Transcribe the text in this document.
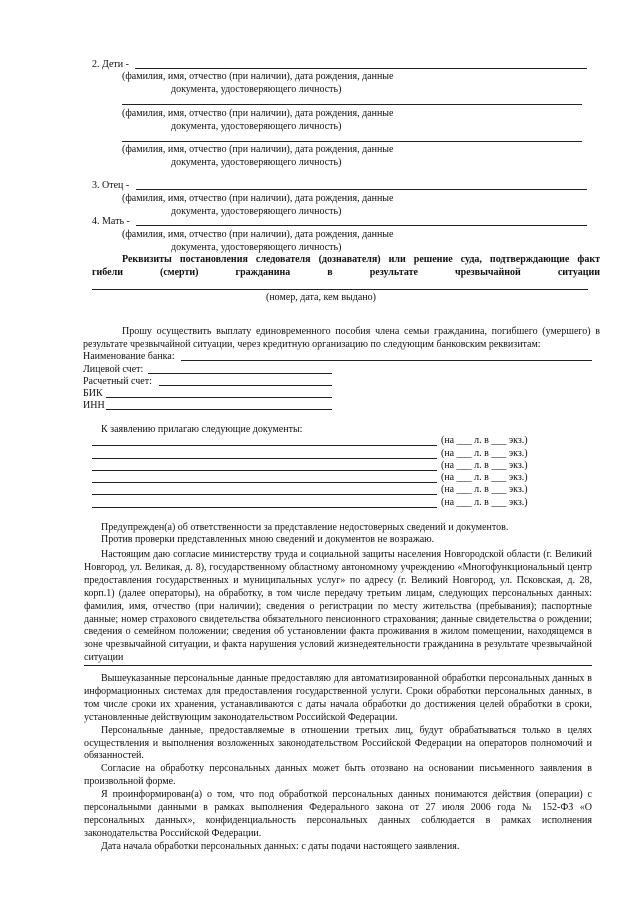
2. Дети -
(фамилия, имя, отчество (при наличии), дата рождения, данные
документа, удостоверяющего личность)
(фамилия, имя, отчество (при наличии), дата рождения, данные
документа, удостоверяющего личность)
(фамилия, имя, отчество (при наличии), дата рождения, данные
документа, удостоверяющего личность)
3. Отец -
(фамилия, имя, отчество (при наличии), дата рождения, данные
документа, удостоверяющего личность)
4. Мать -
(фамилия, имя, отчество (при наличии), дата рождения, данные
документа, удостоверяющего личность)
Реквизиты постановления следователя (дознавателя) или решение суда, подтверждающие факт
гибели (смерти) гражданина в результате чрезвычайной ситуации
(номер, дата, кем выдано)
Прошу осуществить выплату единовременного пособия члена семьи гражданина, погибшего (умершего) в
результате чрезвычайной ситуации, через кредитную организацию по следующим банковским реквизитам:
Наименование банка:
Лицевой счет:
Расчетный счет:
БИК
ИНН
К заявлению прилагаю следующие документы:
(на ___ л. в ___ экз.)
(на ___ л. в ___ экз.)
(на ___ л. в ___ экз.)
(на ___ л. в ___ экз.)
(на ___ л. в ___ экз.)
(на ___ л. в ___ экз.)
Предупрежден(а) об ответственности за представление недостоверных сведений и документов.
Против проверки представленных мною сведений и документов не возражаю.

Настоящим даю согласие министерству труда и социальной защиты населения Новгородской области (г. Великий Новгород, ул. Великая, д. 8), государственному областному автономному учреждению «Многофункциональный центр предоставления государственных и муниципальных услуг» по адресу (г. Великий Новгород, ул. Псковская, д. 28, корп.1) (далее операторы), на обработку, в том числе передачу третьим лицам, следующих персональных данных: фамилия, имя, отчество (при наличии); сведения о регистрации по месту жительства (пребывания); паспортные данные; номер страхового свидетельства обязательного пенсионного страхования; данные свидетельства о рождении; сведения о семейном положении; сведения об установлении факта проживания в жилом помещении, находящемся в зоне чрезвычайной ситуации, и факта нарушения условий жизнедеятельности гражданина в результате чрезвычайной ситуации

Вышеуказанные персональные данные предоставляю для автоматизированной обработки персональных данных в информационных системах для предоставления государственной услуги. Сроки обработки персональных данных, в том числе сроки их хранения, устанавливаются с даты начала обработки до достижения целей обработки в сроки, установленные действующим законодательством Российской Федерации.

Персональные данные, предоставляемые в отношении третьих лиц, будут обрабатываться только в целях осуществления и выполнения возложенных законодательством Российской Федерации на операторов полномочий и обязанностей.

Согласие на обработку персональных данных может быть отозвано на основании письменного заявления в произвольной форме.

Я проинформирован(а) о том, что под обработкой персональных данных понимаются действия (операции) с персональными данными в рамках выполнения Федерального закона от 27 июля 2006 года № 152-ФЗ «О персональных данных», конфиденциальность персональных данных соблюдается в рамках исполнения законодательства Российской Федерации.

Дата начала обработки персональных данных: с даты подачи настоящего заявления.
